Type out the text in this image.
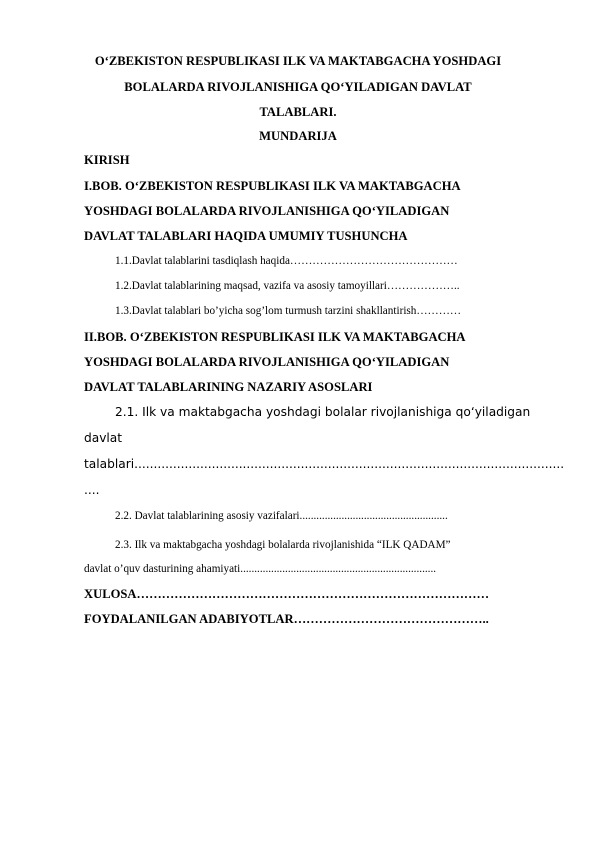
O‘ZBEKISTON RESPUBLIKASI ILK VA MAKTABGACHA YOSHDAGI
BOLALARDA RIVOJLANISHIGA QO‘YILADIGAN DAVLAT
TALABLARI.
MUNDARIJA
KIRISH
I.BOB. O‘ZBEKISTON RESPUBLIKASI ILK VA MAKTABGACHA
YOSHDAGI BOLALARDA RIVOJLANISHIGA QO‘YILADIGAN
DAVLAT TALABLARI HAQIDA UMUMIY TUSHUNCHA
1.1.Davlat talablarini tasdiqlash haqida………………………………………
1.2.Davlat talablarining maqsad, vazifa va asosiy tamoyillari………………..
1.3.Davlat talablari bo’yicha sog’lom turmush tarzini shakllantirish…………
II.BOB. O‘ZBEKISTON RESPUBLIKASI ILK VA MAKTABGACHA
YOSHDAGI BOLALARDA RIVOJLANISHIGA QO‘YILADIGAN
DAVLAT TALABLARINING NAZARIY ASOSLARI
2.1. Ilk va maktabgacha yoshdagi bolalar rivojlanishiga qo‘yiladigan
davlat
talablari...............................................................................................................
....
2.2. Davlat talablarining asosiy vazifalari.....................................................
2.3. Ilk va maktabgacha yoshdagi bolalarda rivojlanishida “ILK QADAM”
davlat o’quv dasturining ahamiyati......................................................................
XULOSA…………………………………………………………………………
FOYDALANILGAN ADABIYOTLAR………………………………………..
